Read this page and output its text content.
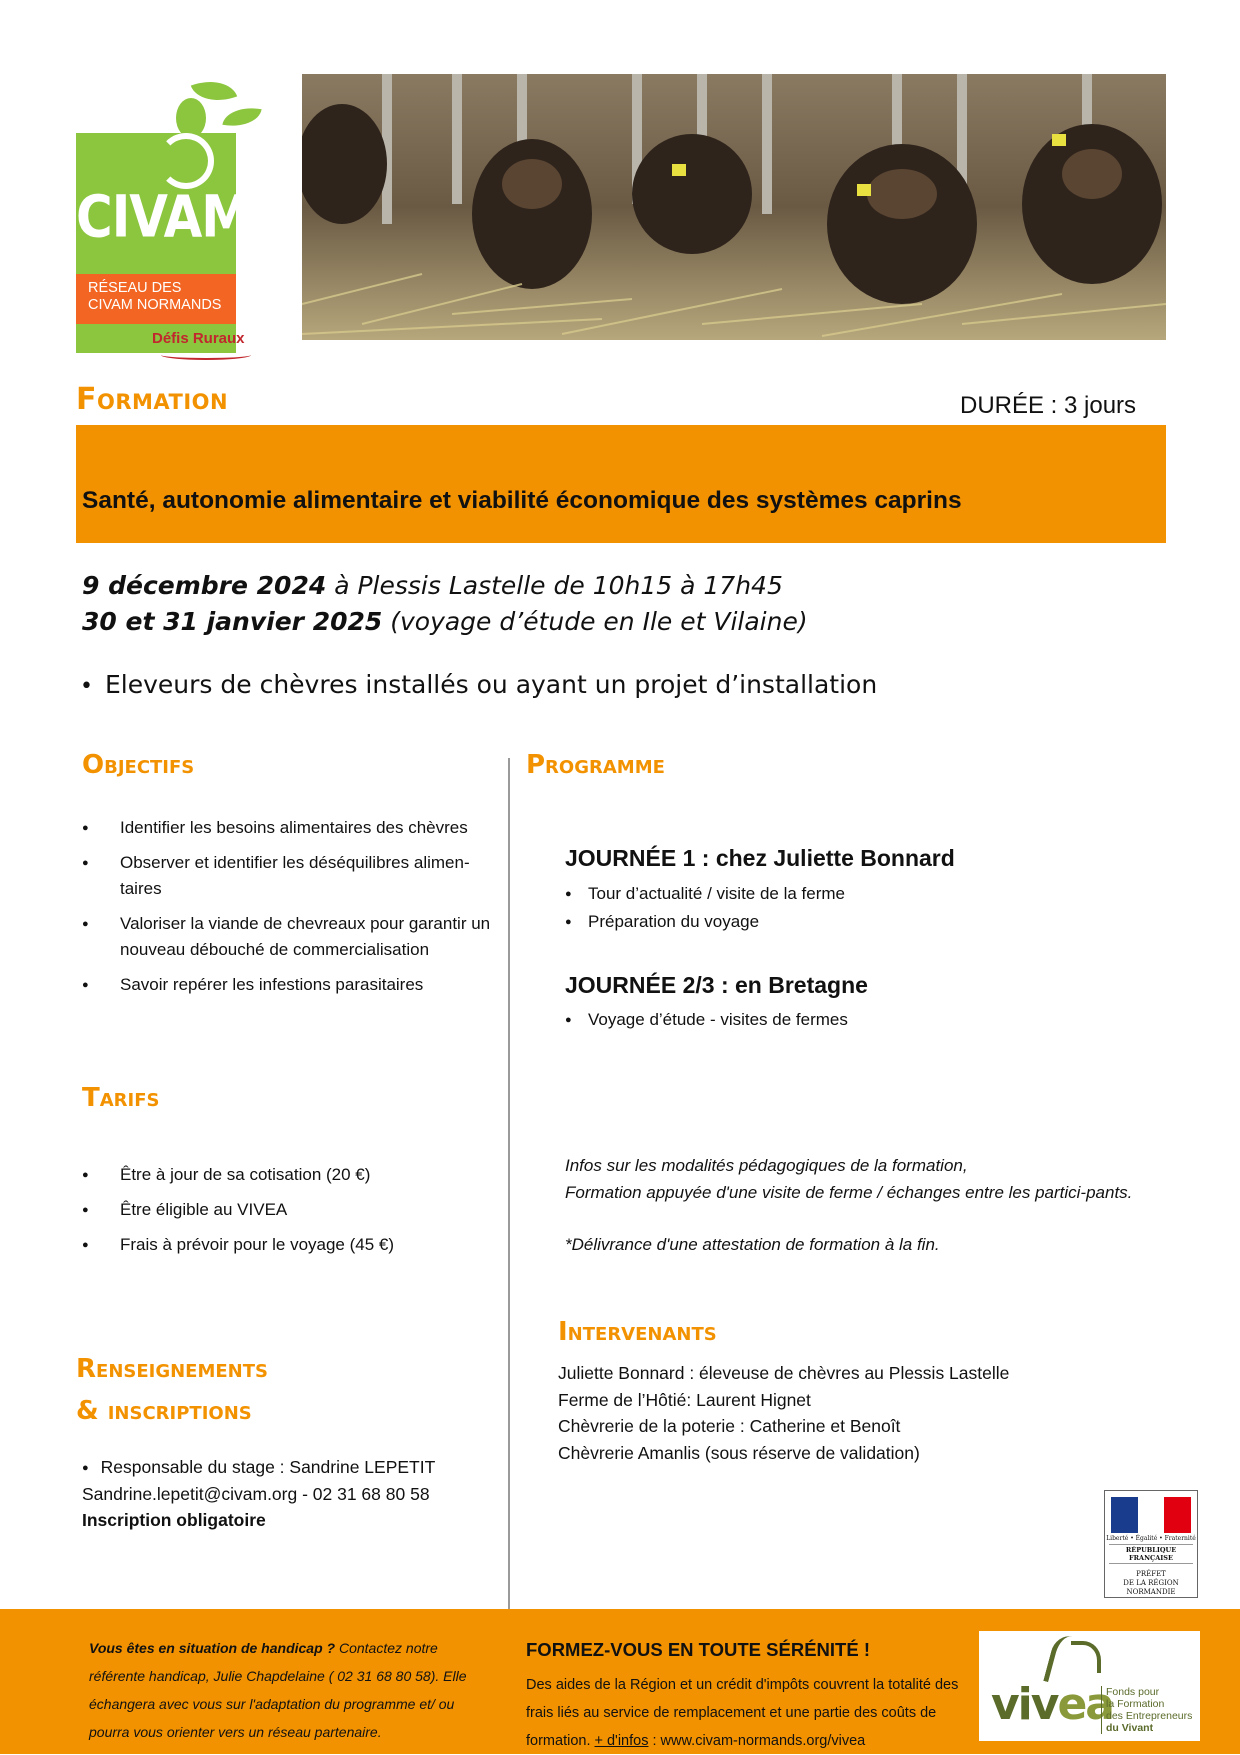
CIVAM
RÉSEAU DES CIVAM NORMANDS
Défis Ruraux
Formation	DURÉE : 3 jours
Santé, autonomie alimentaire et viabilité économique des systèmes caprins
9 décembre 2024 à Plessis Lastelle de 10h15 à 17h45
30 et 31 janvier 2025 (voyage d’étude en Ile et Vilaine)
• Eleveurs de chèvres installés ou ayant un projet d’installation
Objectifs
● Identifier les besoins alimentaires des chèvres
● Observer et identifier les déséquilibres alimen-taires
● Valoriser la viande de chevreaux pour garantir un nouveau débouché de commercialisation
● Savoir repérer les infestions parasitaires
Programme
JOURNÉE 1 : chez Juliette Bonnard
● Tour d’actualité / visite de la ferme
● Préparation du voyage
JOURNÉE 2/3 : en Bretagne
● Voyage d’étude - visites de fermes
Infos sur les modalités pédagogiques de la formation,
Formation appuyée d'une visite de ferme / échanges entre les partici-pants.
*Délivrance d'une attestation de formation à la fin.
Tarifs
● Être à jour de sa cotisation (20 €)
● Être éligible au VIVEA
● Frais à prévoir pour le voyage (45 €)
Intervenants
Juliette Bonnard : éleveuse de chèvres au Plessis Lastelle
Ferme de l’Hôtié: Laurent Hignet
Chèvrerie de la poterie : Catherine et Benoît
Chèvrerie Amanlis (sous réserve de validation)
Renseignements
& inscriptions
● Responsable du stage : Sandrine LEPETIT
Sandrine.lepetit@civam.org - 02 31 68 80 58
Inscription obligatoire
Liberté • Égalité • Fraternité
RÉPUBLIQUE FRANÇAISE
PRÉFET
DE LA RÉGION
NORMANDIE
Vous êtes en situation de handicap ? Contactez notre référente handicap, Julie Chapdelaine ( 02 31 68 80 58). Elle échangera avec vous sur l'adaptation du programme et/ ou pourra vous orienter vers un réseau partenaire.
FORMEZ-VOUS EN TOUTE SÉRÉNITÉ !
Des aides de la Région et un crédit d'impôts couvrent la totalité des frais liés au service de remplacement et une partie des coûts de formation. + d'infos : www.civam-normands.org/vivea
vivea
Fonds pour
la Formation
des Entrepreneurs
du Vivant
